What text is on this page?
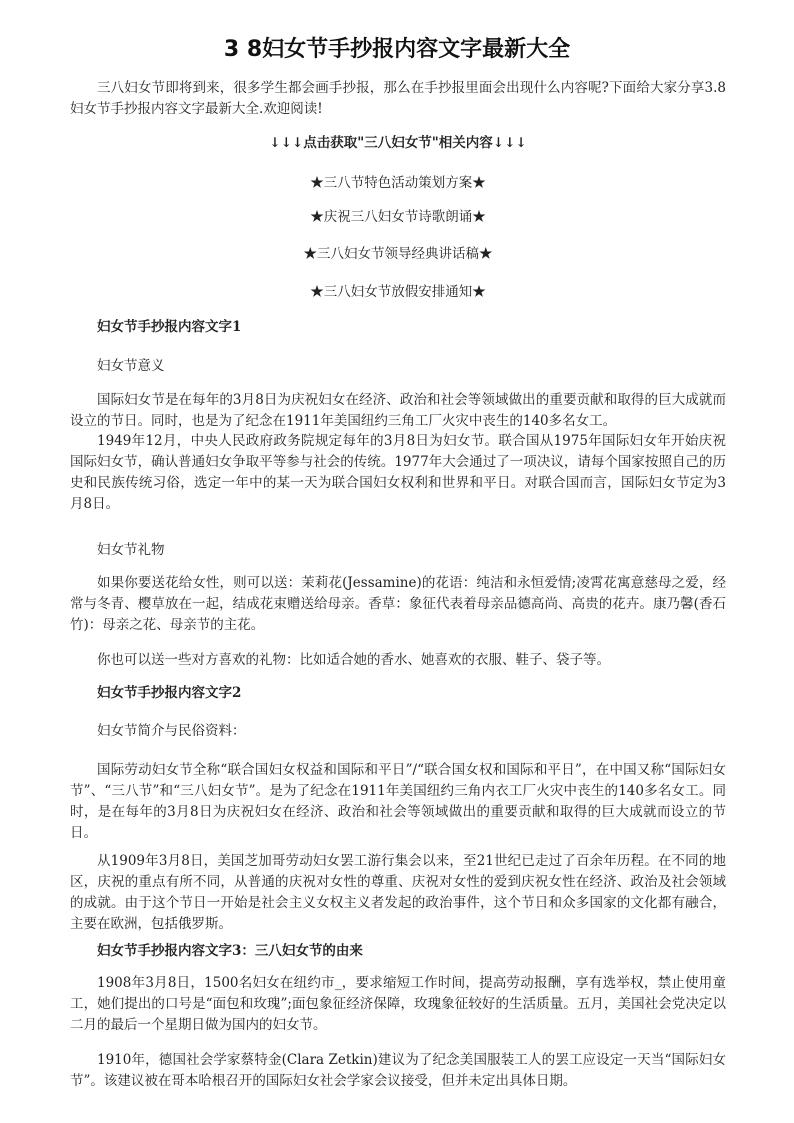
3 8妇女节手抄报内容文字最新大全
三八妇女节即将到来，很多学生都会画手抄报，那么在手抄报里面会出现什么内容呢?下面给大家分享3.8妇女节手抄报内容文字最新大全.欢迎阅读!
↓↓↓点击获取"三八妇女节"相关内容↓↓↓
★三八节特色活动策划方案★
★庆祝三八妇女节诗歌朗诵★
★三八妇女节领导经典讲话稿★
★三八妇女节放假安排通知★
妇女节手抄报内容文字1
妇女节意义
国际妇女节是在每年的3月8日为庆祝妇女在经济、政治和社会等领域做出的重要贡献和取得的巨大成就而设立的节日。同时，也是为了纪念在1911年美国纽约三角工厂火灾中丧生的140多名女工。
1949年12月，中央人民政府政务院规定每年的3月8日为妇女节。联合国从1975年国际妇女年开始庆祝国际妇女节，确认普通妇女争取平等参与社会的传统。1977年大会通过了一项决议，请每个国家按照自己的历史和民族传统习俗，选定一年中的某一天为联合国妇女权利和世界和平日。对联合国而言，国际妇女节定为3月8日。
妇女节礼物
如果你要送花给女性，则可以送：茉莉花(Jessamine)的花语：纯洁和永恒爱情;凌霄花寓意慈母之爱，经常与冬青、樱草放在一起，结成花束赠送给母亲。香草：象征代表着母亲品德高尚、高贵的花卉。康乃馨(香石竹)：母亲之花、母亲节的主花。
你也可以送一些对方喜欢的礼物：比如适合她的香水、她喜欢的衣服、鞋子、袋子等。
妇女节手抄报内容文字2
妇女节简介与民俗资料：
国际劳动妇女节全称“联合国妇女权益和国际和平日”/“联合国女权和国际和平日”，在中国又称“国际妇女节”、“三八节”和“三八妇女节”。是为了纪念在1911年美国纽约三角内衣工厂火灾中丧生的140多名女工。同时，是在每年的3月8日为庆祝妇女在经济、政治和社会等领域做出的重要贡献和取得的巨大成就而设立的节日。
从1909年3月8日，美国芝加哥劳动妇女罢工游行集会以来，至21世纪已走过了百余年历程。在不同的地区，庆祝的重点有所不同，从普通的庆祝对女性的尊重、庆祝对女性的爱到庆祝女性在经济、政治及社会领域的成就。由于这个节日一开始是社会主义女权主义者发起的政治事件，这个节日和众多国家的文化都有融合，主要在欧洲，包括俄罗斯。
妇女节手抄报内容文字3：三八妇女节的由来
1908年3月8日，1500名妇女在纽约市_，要求缩短工作时间，提高劳动报酬，享有选举权，禁止使用童工，她们提出的口号是“面包和玫瑰”;面包象征经济保障，玫瑰象征较好的生活质量。五月，美国社会党决定以二月的最后一个星期日做为国内的妇女节。
1910年，德国社会学家蔡特金(Clara Zetkin)建议为了纪念美国服装工人的罢工应设定一天当“国际妇女节”。该建议被在哥本哈根召开的国际妇女社会学家会议接受，但并未定出具体日期。
